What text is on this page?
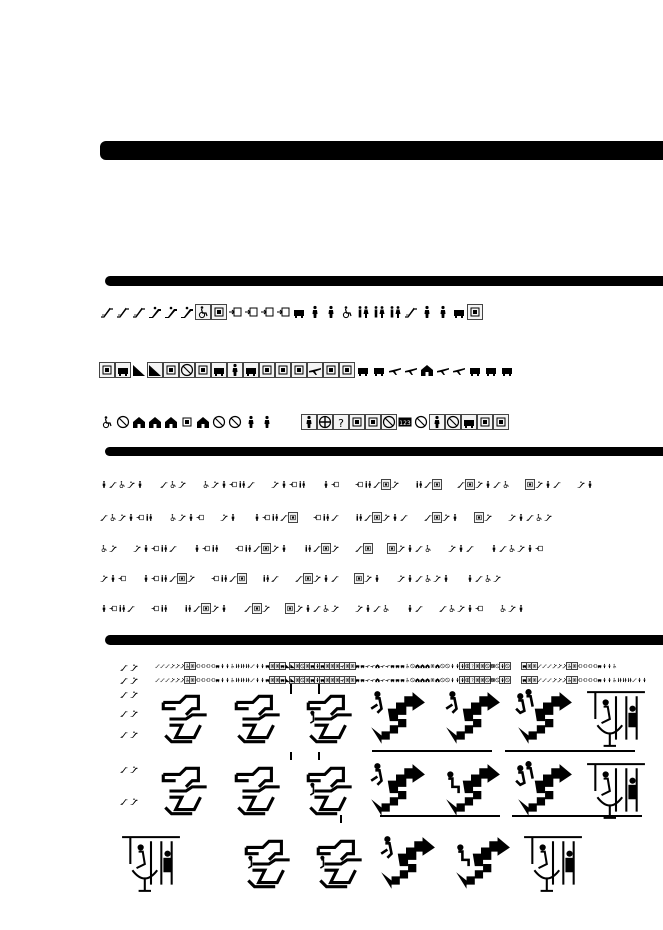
?	123
?	123
?	123
